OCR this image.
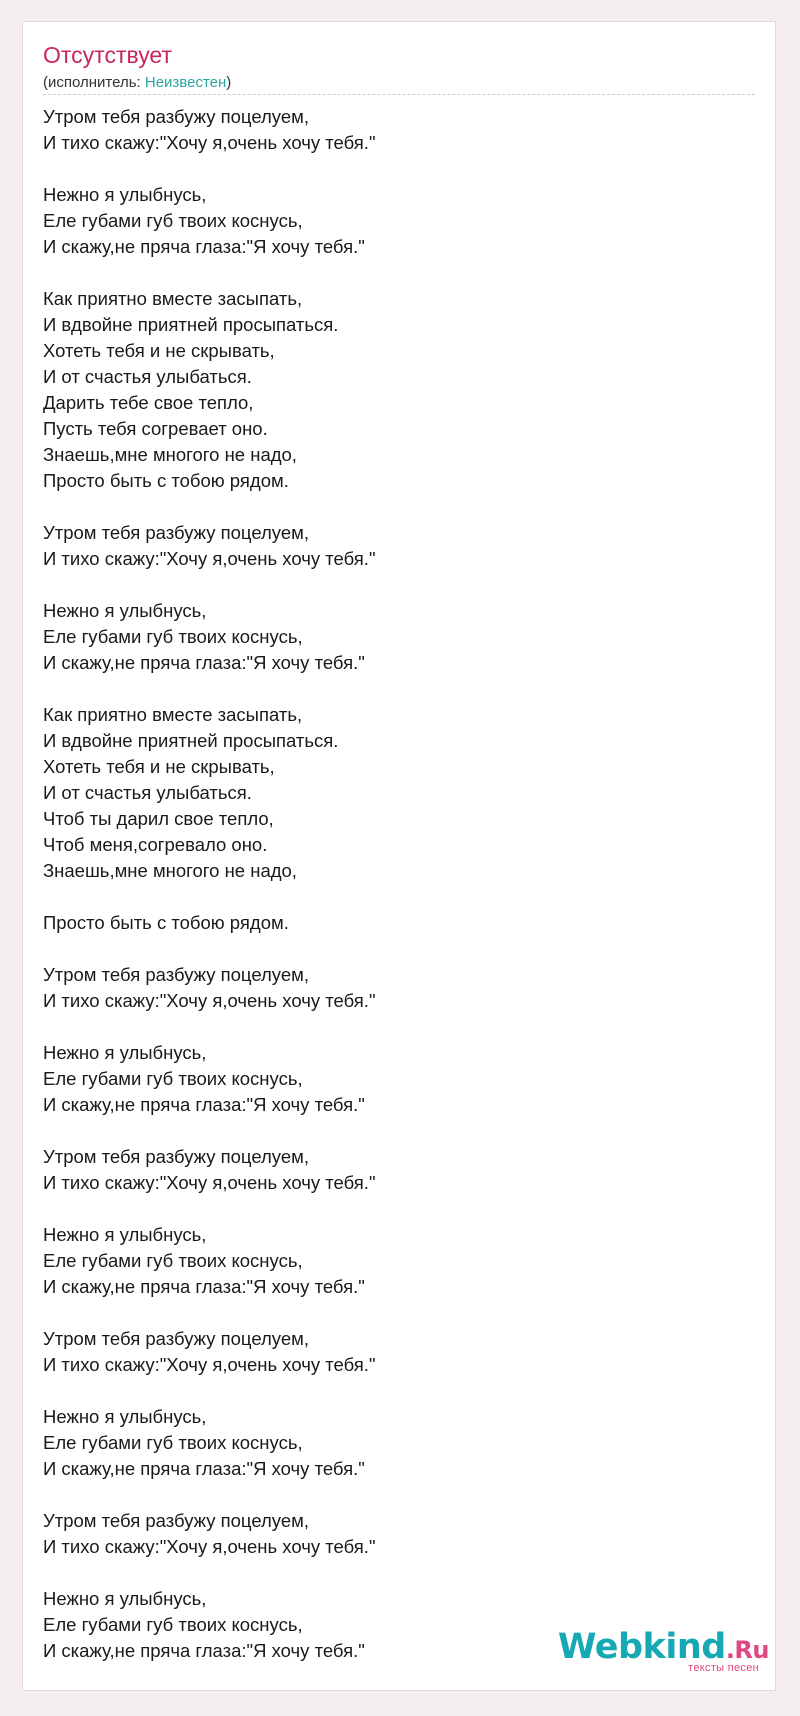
Отсутствует
(исполнитель: Неизвестен)
Утром тебя разбужу поцелуем,
И тихо скажу:"Хочу я,очень хочу тебя."
Нежно я улыбнусь,
Еле губами губ твоих коснусь,
И скажу,не пряча глаза:"Я хочу тебя."
Как приятно вместе засыпать,
И вдвойне приятней просыпаться.
Хотеть тебя и не скрывать,
И от счастья улыбаться.
Дарить тебе свое тепло,
Пусть тебя согревает оно.
Знаешь,мне многого не надо,
Просто быть с тобою рядом.
Утром тебя разбужу поцелуем,
И тихо скажу:"Хочу я,очень хочу тебя."
Нежно я улыбнусь,
Еле губами губ твоих коснусь,
И скажу,не пряча глаза:"Я хочу тебя."
Как приятно вместе засыпать,
И вдвойне приятней просыпаться.
Хотеть тебя и не скрывать,
И от счастья улыбаться.
Чтоб ты дарил свое тепло,
Чтоб меня,согревало оно.
Знаешь,мне многого не надо,
Просто быть с тобою рядом.
Утром тебя разбужу поцелуем,
И тихо скажу:"Хочу я,очень хочу тебя."
Нежно я улыбнусь,
Еле губами губ твоих коснусь,
И скажу,не пряча глаза:"Я хочу тебя."
Утром тебя разбужу поцелуем,
И тихо скажу:"Хочу я,очень хочу тебя."
Нежно я улыбнусь,
Еле губами губ твоих коснусь,
И скажу,не пряча глаза:"Я хочу тебя."
Утром тебя разбужу поцелуем,
И тихо скажу:"Хочу я,очень хочу тебя."
Нежно я улыбнусь,
Еле губами губ твоих коснусь,
И скажу,не пряча глаза:"Я хочу тебя."
Утром тебя разбужу поцелуем,
И тихо скажу:"Хочу я,очень хочу тебя."
Нежно я улыбнусь,
Еле губами губ твоих коснусь,
И скажу,не пряча глаза:"Я хочу тебя."	Webkind.Ru
тексты песен
